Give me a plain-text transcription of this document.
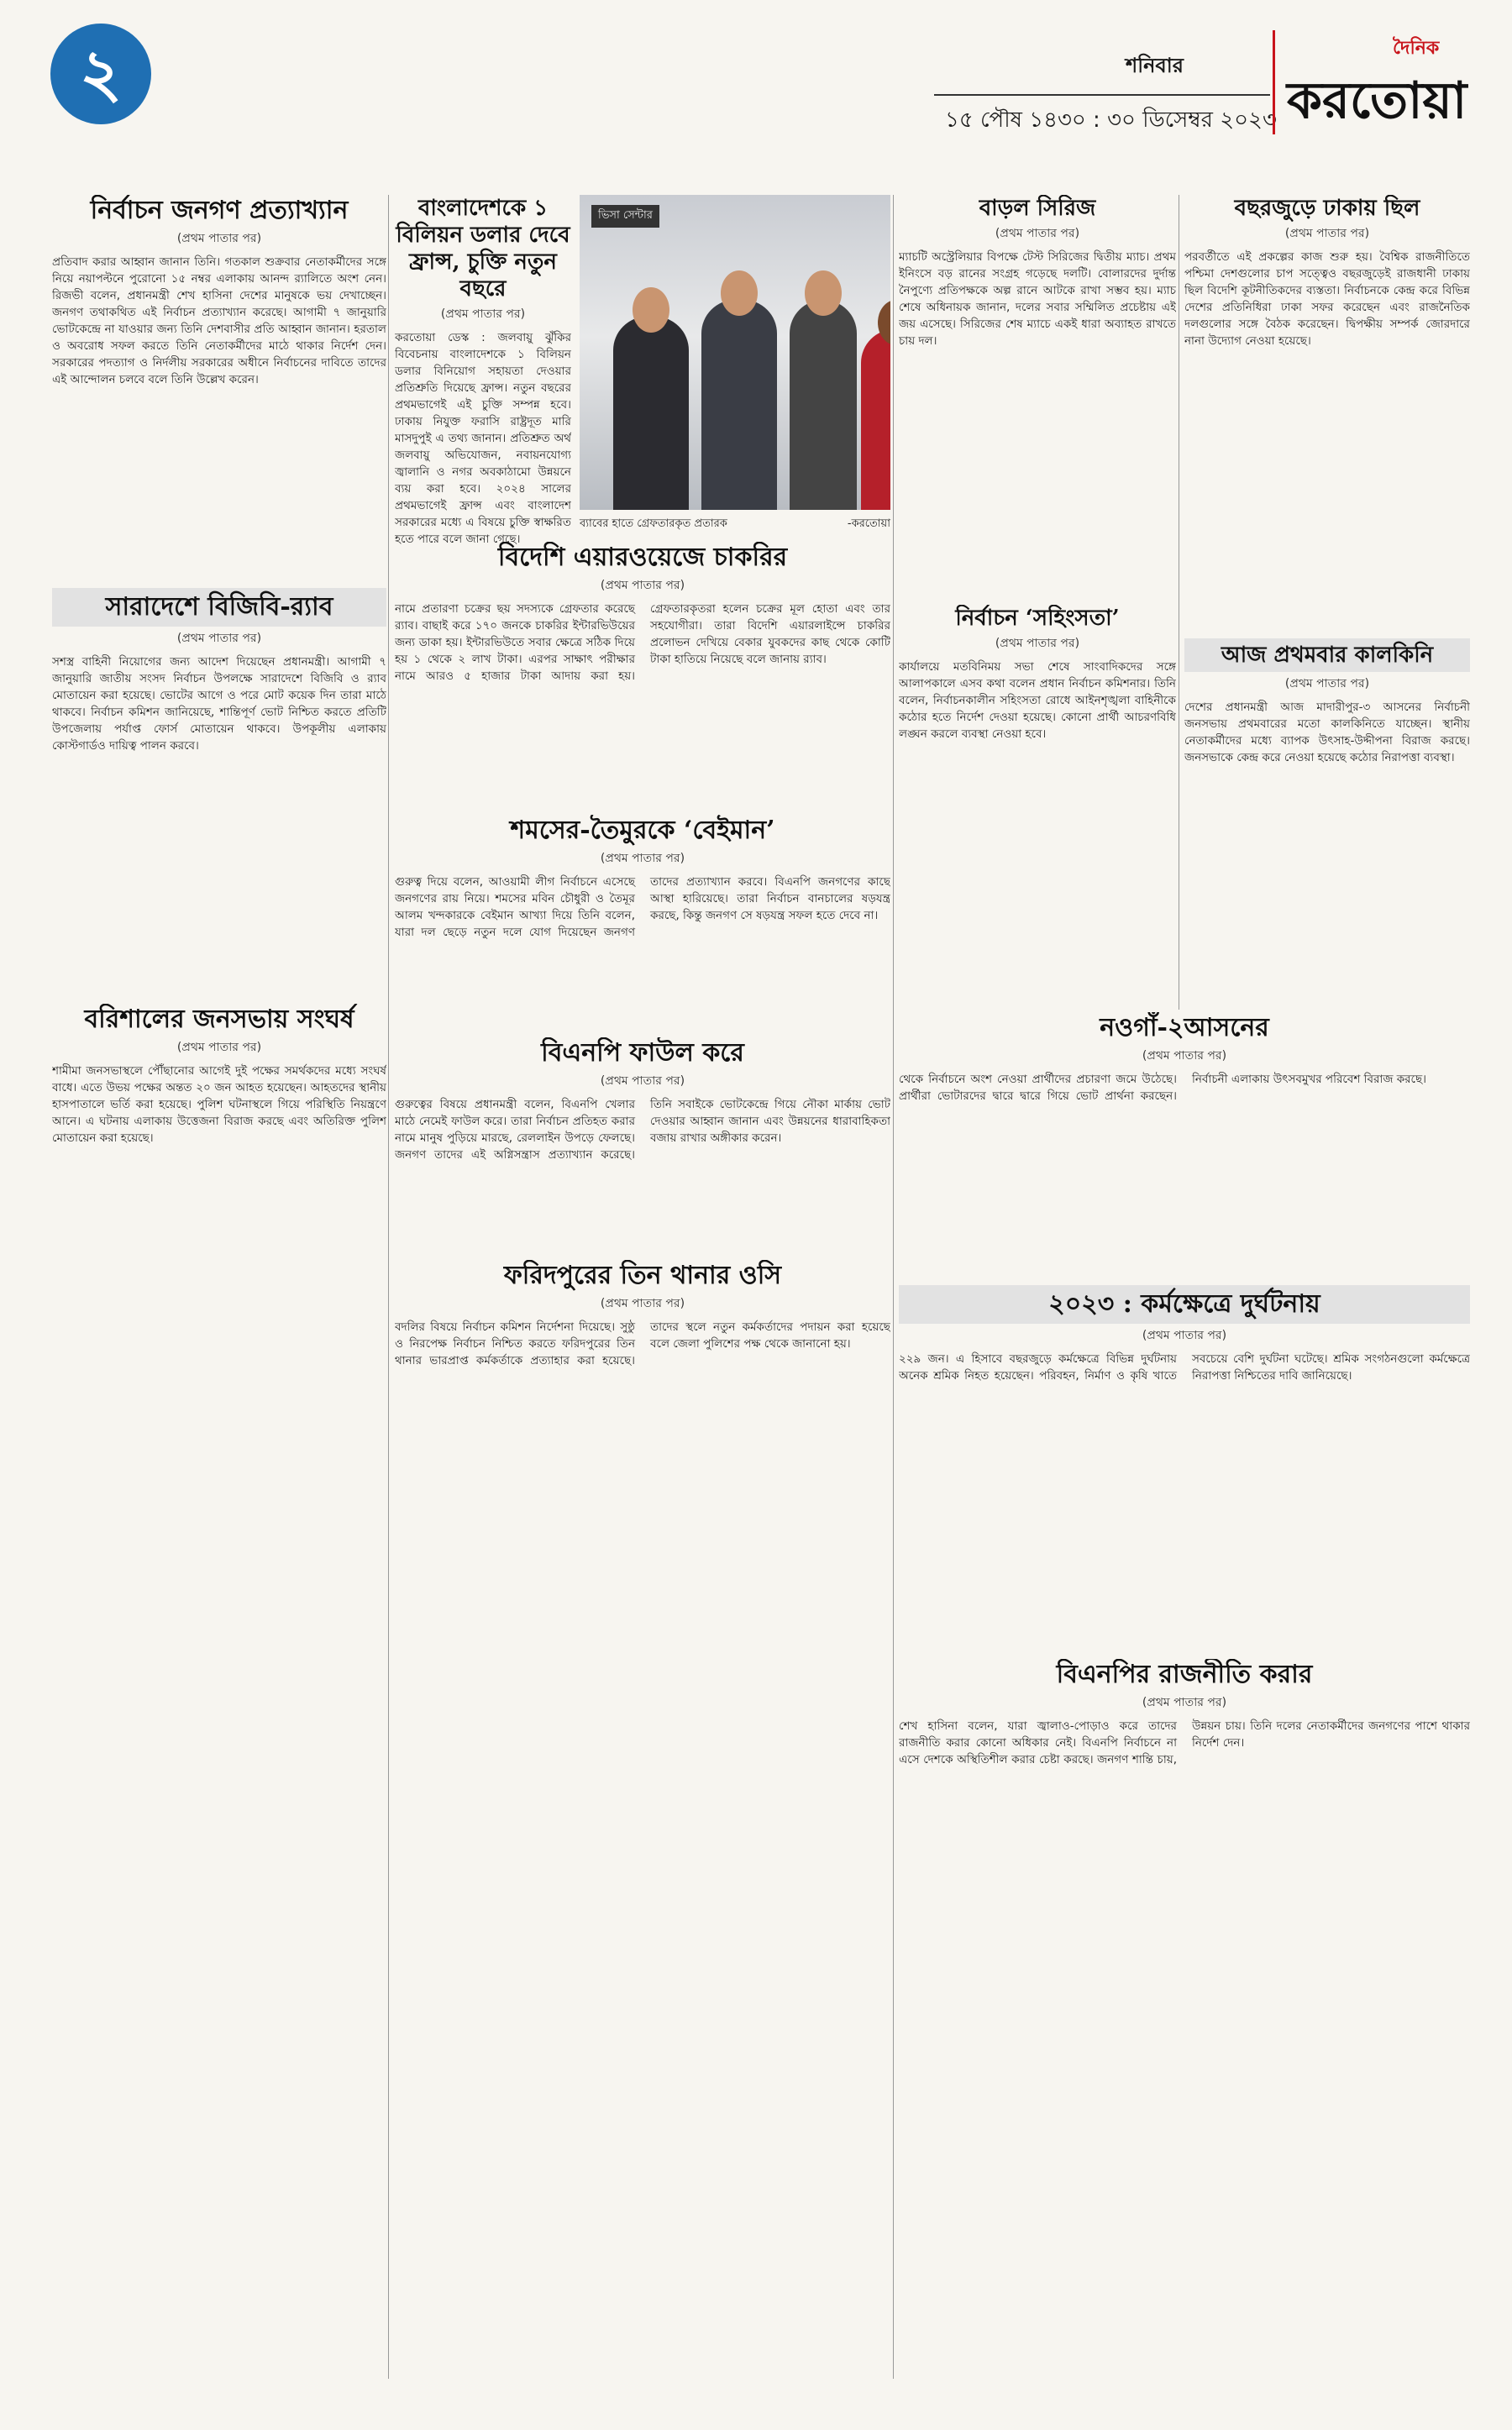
২	শনিবার
১৫ পৌষ ১৪৩০ : ৩০ ডিসেম্বর ২০২৩
দৈনিক
করতোয়া
নির্বাচন জনগণ প্রত্যাখ্যান
(প্রথম পাতার পর)
প্রতিবাদ করার আহ্বান জানান তিনি। গতকাল শুক্রবার নেতাকর্মীদের সঙ্গে নিয়ে নয়াপল্টনে পুরোনো ১৫ নম্বর এলাকায় আনন্দ র‍্যালিতে অংশ নেন। রিজভী বলেন, প্রধানমন্ত্রী শেখ হাসিনা দেশের মানুষকে ভয় দেখাচ্ছেন। জনগণ তথাকথিত এই নির্বাচন প্রত্যাখ্যান করেছে। আগামী ৭ জানুয়ারি ভোটকেন্দ্রে না যাওয়ার জন্য তিনি দেশবাসীর প্রতি আহ্বান জানান। হরতাল ও অবরোধ সফল করতে তিনি নেতাকর্মীদের মাঠে থাকার নির্দেশ দেন। সরকারের পদত্যাগ ও নির্দলীয় সরকারের অধীনে নির্বাচনের দাবিতে তাদের এই আন্দোলন চলবে বলে তিনি উল্লেখ করেন।
সারাদেশে বিজিবি-র‍্যাব
(প্রথম পাতার পর)
সশস্ত্র বাহিনী নিয়োগের জন্য আদেশ দিয়েছেন প্রধানমন্ত্রী। আগামী ৭ জানুয়ারি জাতীয় সংসদ নির্বাচন উপলক্ষে সারাদেশে বিজিবি ও র‍্যাব মোতায়েন করা হয়েছে। ভোটের আগে ও পরে মোট কয়েক দিন তারা মাঠে থাকবে। নির্বাচন কমিশন জানিয়েছে, শান্তিপূর্ণ ভোট নিশ্চিত করতে প্রতিটি উপজেলায় পর্যাপ্ত ফোর্স মোতায়েন থাকবে। উপকূলীয় এলাকায় কোস্টগার্ডও দায়িত্ব পালন করবে।
বরিশালের জনসভায় সংঘর্ষ
(প্রথম পাতার পর)
শামীমা জনসভাস্থলে পৌঁছানোর আগেই দুই পক্ষের সমর্থকদের মধ্যে সংঘর্ষ বাধে। এতে উভয় পক্ষের অন্তত ২০ জন আহত হয়েছেন। আহতদের স্থানীয় হাসপাতালে ভর্তি করা হয়েছে। পুলিশ ঘটনাস্থলে গিয়ে পরিস্থিতি নিয়ন্ত্রণে আনে। এ ঘটনায় এলাকায় উত্তেজনা বিরাজ করছে এবং অতিরিক্ত পুলিশ মোতায়েন করা হয়েছে।
ভিসা সেন্টার
ব্যাবের হাতে গ্রেফতারকৃত প্রতারক	-করতোয়া
বাংলাদেশকে ১ বিলিয়ন ডলার দেবে ফ্রান্স, চুক্তি নতুন বছরে
(প্রথম পাতার পর)
করতোয়া ডেস্ক : জলবায়ু ঝুঁকির বিবেচনায় বাংলাদেশকে ১ বিলিয়ন ডলার বিনিয়োগ সহায়তা দেওয়ার প্রতিশ্রুতি দিয়েছে ফ্রান্স। নতুন বছরের প্রথমভাগেই এই চুক্তি সম্পন্ন হবে। ঢাকায় নিযুক্ত ফরাসি রাষ্ট্রদূত মারি মাসদুপুই এ তথ্য জানান। প্রতিশ্রুত অর্থ জলবায়ু অভিযোজন, নবায়নযোগ্য জ্বালানি ও নগর অবকাঠামো উন্নয়নে ব্যয় করা হবে। ২০২৪ সালের প্রথমভাগেই ফ্রান্স এবং বাংলাদেশ সরকারের মধ্যে এ বিষয়ে চুক্তি স্বাক্ষরিত হতে পারে বলে জানা গেছে।
বিদেশি এয়ারওয়েজে চাকরির
(প্রথম পাতার পর)
নামে প্রতারণা চক্রের ছয় সদস্যকে গ্রেফতার করেছে র‍্যাব। বাছাই করে ১৭০ জনকে চাকরির ইন্টারভিউয়ের জন্য ডাকা হয়। ইন্টারভিউতে সবার ক্ষেত্রে সঠিক দিয়ে হয় ১ থেকে ২ লাখ টাকা। এরপর সাক্ষাৎ পরীক্ষার নামে আরও ৫ হাজার টাকা আদায় করা হয়। গ্রেফতারকৃতরা হলেন চক্রের মূল হোতা এবং তার সহযোগীরা। তারা বিদেশি এয়ারলাইন্সে চাকরির প্রলোভন দেখিয়ে বেকার যুবকদের কাছ থেকে কোটি টাকা হাতিয়ে নিয়েছে বলে জানায় র‍্যাব।
শমসের-তৈমুরকে ‘বেইমান’
(প্রথম পাতার পর)
গুরুত্ব দিয়ে বলেন, আওয়ামী লীগ নির্বাচনে এসেছে জনগণের রায় নিয়ে। শমসের মবিন চৌধুরী ও তৈমূর আলম খন্দকারকে বেইমান আখ্যা দিয়ে তিনি বলেন, যারা দল ছেড়ে নতুন দলে যোগ দিয়েছেন জনগণ তাদের প্রত্যাখ্যান করবে। বিএনপি জনগণের কাছে আস্থা হারিয়েছে। তারা নির্বাচন বানচালের ষড়যন্ত্র করছে, কিন্তু জনগণ সে ষড়যন্ত্র সফল হতে দেবে না।
বিএনপি ফাউল করে
(প্রথম পাতার পর)
গুরুত্বের বিষয়ে প্রধানমন্ত্রী বলেন, বিএনপি খেলার মাঠে নেমেই ফাউল করে। তারা নির্বাচন প্রতিহত করার নামে মানুষ পুড়িয়ে মারছে, রেললাইন উপড়ে ফেলছে। জনগণ তাদের এই অগ্নিসন্ত্রাস প্রত্যাখ্যান করেছে। তিনি সবাইকে ভোটকেন্দ্রে গিয়ে নৌকা মার্কায় ভোট দেওয়ার আহ্বান জানান এবং উন্নয়নের ধারাবাহিকতা বজায় রাখার অঙ্গীকার করেন।
ফরিদপুরের তিন থানার ওসি
(প্রথম পাতার পর)
বদলির বিষয়ে নির্বাচন কমিশন নির্দেশনা দিয়েছে। সুষ্ঠু ও নিরপেক্ষ নির্বাচন নিশ্চিত করতে ফরিদপুরের তিন থানার ভারপ্রাপ্ত কর্মকর্তাকে প্রত্যাহার করা হয়েছে। তাদের স্থলে নতুন কর্মকর্তাদের পদায়ন করা হয়েছে বলে জেলা পুলিশের পক্ষ থেকে জানানো হয়।
বাড়ল সিরিজ
(প্রথম পাতার পর)
ম্যাচটি অস্ট্রেলিয়ার বিপক্ষে টেস্ট সিরিজের দ্বিতীয় ম্যাচ। প্রথম ইনিংসে বড় রানের সংগ্রহ গড়েছে দলটি। বোলারদের দুর্দান্ত নৈপুণ্যে প্রতিপক্ষকে অল্প রানে আটকে রাখা সম্ভব হয়। ম্যাচ শেষে অধিনায়ক জানান, দলের সবার সম্মিলিত প্রচেষ্টায় এই জয় এসেছে। সিরিজের শেষ ম্যাচে একই ধারা অব্যাহত রাখতে চায় দল।
নির্বাচন ‘সহিংসতা’
(প্রথম পাতার পর)
কার্যালয়ে মতবিনিময় সভা শেষে সাংবাদিকদের সঙ্গে আলাপকালে এসব কথা বলেন প্রধান নির্বাচন কমিশনার। তিনি বলেন, নির্বাচনকালীন সহিংসতা রোধে আইনশৃঙ্খলা বাহিনীকে কঠোর হতে নির্দেশ দেওয়া হয়েছে। কোনো প্রার্থী আচরণবিধি লঙ্ঘন করলে ব্যবস্থা নেওয়া হবে।
বছরজুড়ে ঢাকায় ছিল
(প্রথম পাতার পর)
পরবর্তীতে এই প্রকল্পের কাজ শুরু হয়। বৈশ্বিক রাজনীতিতে পশ্চিমা দেশগুলোর চাপ সত্ত্বেও বছরজুড়েই রাজধানী ঢাকায় ছিল বিদেশি কূটনীতিকদের ব্যস্ততা। নির্বাচনকে কেন্দ্র করে বিভিন্ন দেশের প্রতিনিধিরা ঢাকা সফর করেছেন এবং রাজনৈতিক দলগুলোর সঙ্গে বৈঠক করেছেন। দ্বিপক্ষীয় সম্পর্ক জোরদারে নানা উদ্যোগ নেওয়া হয়েছে।
আজ প্রথমবার কালকিনি
(প্রথম পাতার পর)
দেশের প্রধানমন্ত্রী আজ মাদারীপুর-৩ আসনের নির্বাচনী জনসভায় প্রথমবারের মতো কালকিনিতে যাচ্ছেন। স্থানীয় নেতাকর্মীদের মধ্যে ব্যাপক উৎসাহ-উদ্দীপনা বিরাজ করছে। জনসভাকে কেন্দ্র করে নেওয়া হয়েছে কঠোর নিরাপত্তা ব্যবস্থা।
নওগাঁ-২আসনের
(প্রথম পাতার পর)
থেকে নির্বাচনে অংশ নেওয়া প্রার্থীদের প্রচারণা জমে উঠেছে। প্রার্থীরা ভোটারদের দ্বারে দ্বারে গিয়ে ভোট প্রার্থনা করছেন। নির্বাচনী এলাকায় উৎসবমুখর পরিবেশ বিরাজ করছে।
২০২৩ : কর্মক্ষেত্রে দুর্ঘটনায়
(প্রথম পাতার পর)
২২৯ জন। এ হিসাবে বছরজুড়ে কর্মক্ষেত্রে বিভিন্ন দুর্ঘটনায় অনেক শ্রমিক নিহত হয়েছেন। পরিবহন, নির্মাণ ও কৃষি খাতে সবচেয়ে বেশি দুর্ঘটনা ঘটেছে। শ্রমিক সংগঠনগুলো কর্মক্ষেত্রে নিরাপত্তা নিশ্চিতের দাবি জানিয়েছে।
বিএনপির রাজনীতি করার
(প্রথম পাতার পর)
শেখ হাসিনা বলেন, যারা জ্বালাও-পোড়াও করে তাদের রাজনীতি করার কোনো অধিকার নেই। বিএনপি নির্বাচনে না এসে দেশকে অস্থিতিশীল করার চেষ্টা করছে। জনগণ শান্তি চায়, উন্নয়ন চায়। তিনি দলের নেতাকর্মীদের জনগণের পাশে থাকার নির্দেশ দেন।
